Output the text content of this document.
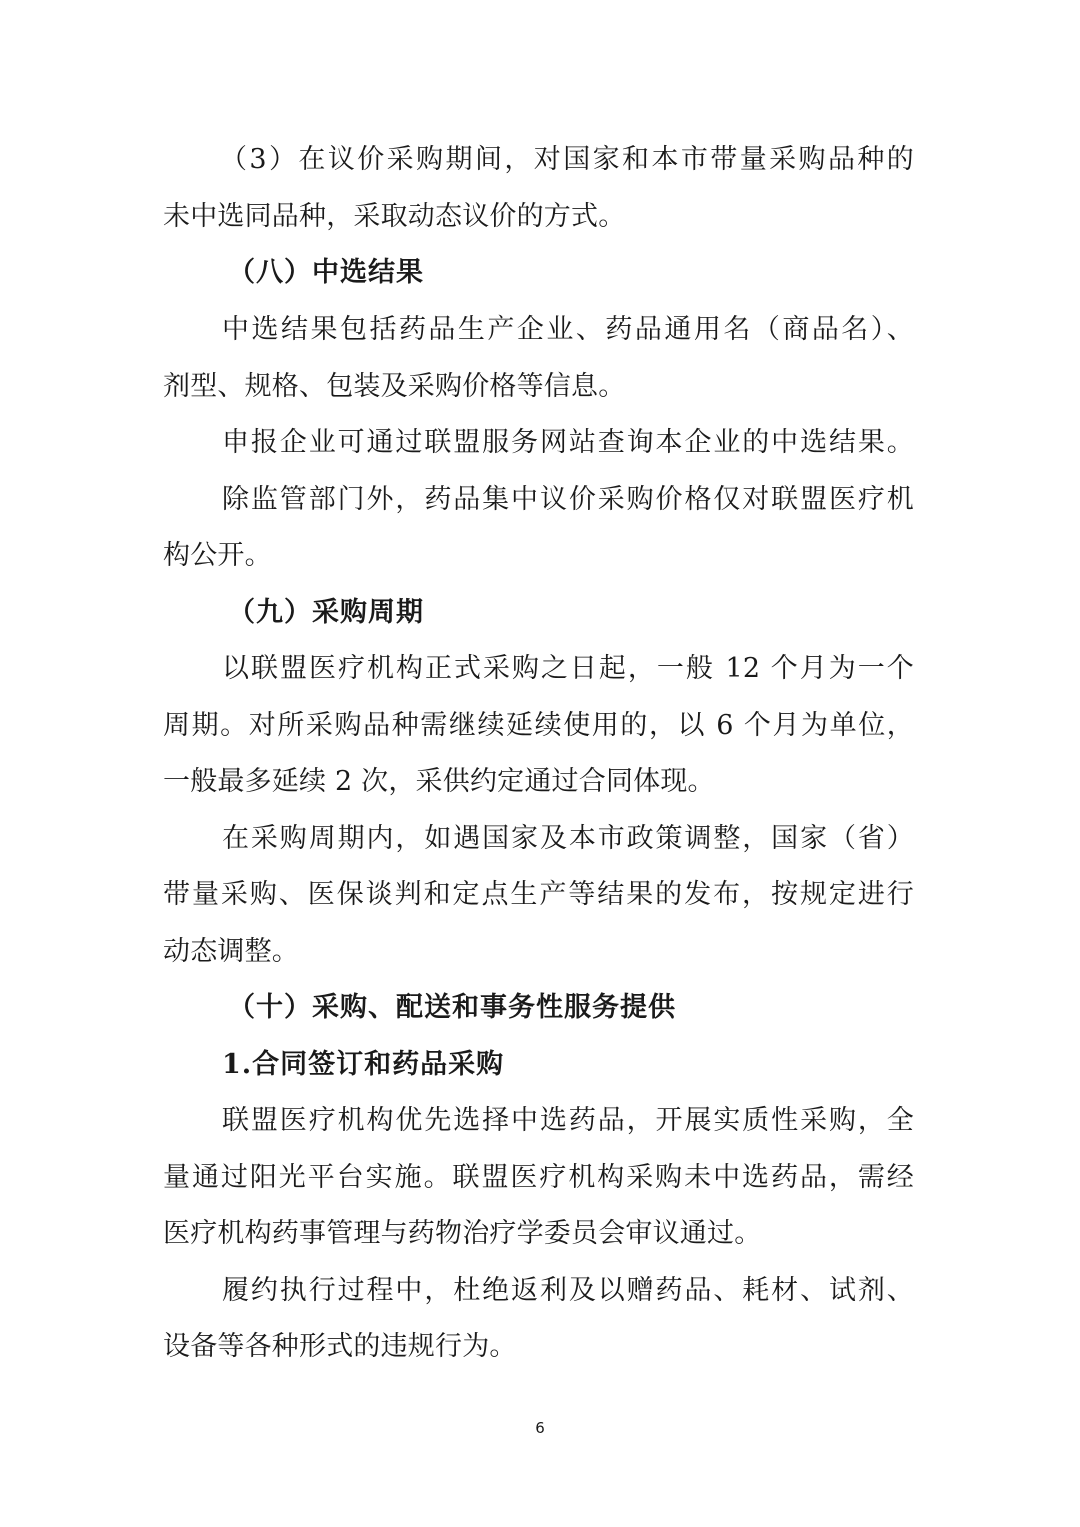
（3）在议价采购期间，对国家和本市带量采购品种的
未中选同品种，采取动态议价的方式。
（八）中选结果
中选结果包括药品生产企业、药品通用名（商品名）、
剂型、规格、包装及采购价格等信息。
申报企业可通过联盟服务网站查询本企业的中选结果。
除监管部门外，药品集中议价采购价格仅对联盟医疗机
构公开。
（九）采购周期
以联盟医疗机构正式采购之日起，一般 12 个月为一个
周期。对所采购品种需继续延续使用的，以 6 个月为单位，
一般最多延续 2 次，采供约定通过合同体现。
在采购周期内，如遇国家及本市政策调整，国家（省）
带量采购、医保谈判和定点生产等结果的发布，按规定进行
动态调整。
（十）采购、配送和事务性服务提供
1.合同签订和药品采购
联盟医疗机构优先选择中选药品，开展实质性采购，全
量通过阳光平台实施。联盟医疗机构采购未中选药品，需经
医疗机构药事管理与药物治疗学委员会审议通过。
履约执行过程中，杜绝返利及以赠药品、耗材、试剂、
设备等各种形式的违规行为。
6
